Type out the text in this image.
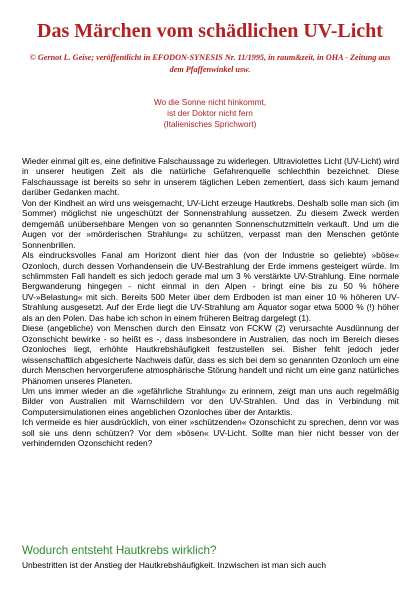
Das Märchen vom schädlichen UV-Licht
© Gernot L. Geise; veröffentlicht in EFODON-SYNESIS Nr. 11/1995, in raum&zeit, in OHA - Zeitung aus dem Pfaffenwinkel usw.
Wo die Sonne nicht hinkommt,
ist der Doktor nicht fern
(Italienisches Sprichwort)

Wieder einmal gilt es, eine definitive Falschaussage zu widerlegen. Ultraviolettes Licht (UV-Licht) wird in unserer heutigen Zeit als die natürliche Gefahrenquelle schlechthin bezeichnet. Diese Falschaussage ist bereits so sehr in unserem täglichen Leben zementiert, dass sich kaum jemand darüber Gedanken macht.

Von der Kindheit an wird uns weisgemacht, UV-Licht erzeuge Hautkrebs. Deshalb solle man sich (im Sommer) möglichst nie ungeschützt der Sonnenstrahlung aussetzen. Zu diesem Zweck werden demgemäß unübersehbare Mengen von so genannten Sonnenschutzmitteln verkauft. Und um die Augen vor der »mörderischen Strahlung« zu schützen, verpasst man den Menschen getönte Sonnenbrillen.

Als eindrucksvolles Fanal am Horizont dient hier das (von der Industrie so geliebte) »böse« Ozonloch, durch dessen Vorhandensein die UV-Bestrahlung der Erde immens gesteigert würde. Im schlimmsten Fall handelt es sich jedoch gerade mal um 3 % verstärkte UV-Strahlung. Eine normale Bergwanderung hingegen - nicht einmal in den Alpen - bringt eine bis zu 50 % höhere UV-»Belastung« mit sich. Bereits 500 Meter über dem Erdboden ist man einer 10 % höheren UV-Strahlung ausgesetzt. Auf der Erde liegt die UV-Strahlung am Äquator sogar etwa 5000 % (!) höher als an den Polen. Das habe ich schon in einem früheren Beitrag dargelegt (1).

Diese (angebliche) von Menschen durch den Einsatz von FCKW (2) verursachte Ausdünnung der Ozonschicht bewirke - so heißt es -, dass insbesondere in Australien, das noch im Bereich dieses Ozonloches liegt, erhöhte Hautkrebshäufigkeit festzustellen sei. Bisher fehlt jedoch jeder wissenschaftlich abgesicherte Nachweis dafür, dass es sich bei dem so genannten Ozonloch um eine durch Menschen hervorgerufene atmosphärische Störung handelt und nicht um eine ganz natürliches Phänomen unseres Planeten.

Um uns immer wieder an die »gefährliche Strahlung« zu erinnern, zeigt man uns auch regelmäßig Bilder von Australien mit Warnschildern vor den UV-Strahlen. Und das in Verbindung mit Computersimulationen eines angeblichen Ozonloches über der Antarktis.

Ich vermeide es hier ausdrücklich, von einer »schützenden« Ozonschicht zu sprechen, denn vor was soll sie uns denn schützen? Vor dem »bösen« UV-Licht. Sollte man hier nicht besser von der verhindernden Ozonschicht reden?

Wodurch entsteht Hautkrebs wirklich?
Unbestritten ist der Anstieg der Hautkrebshäufigkeit. Inzwischen ist man sich auch
